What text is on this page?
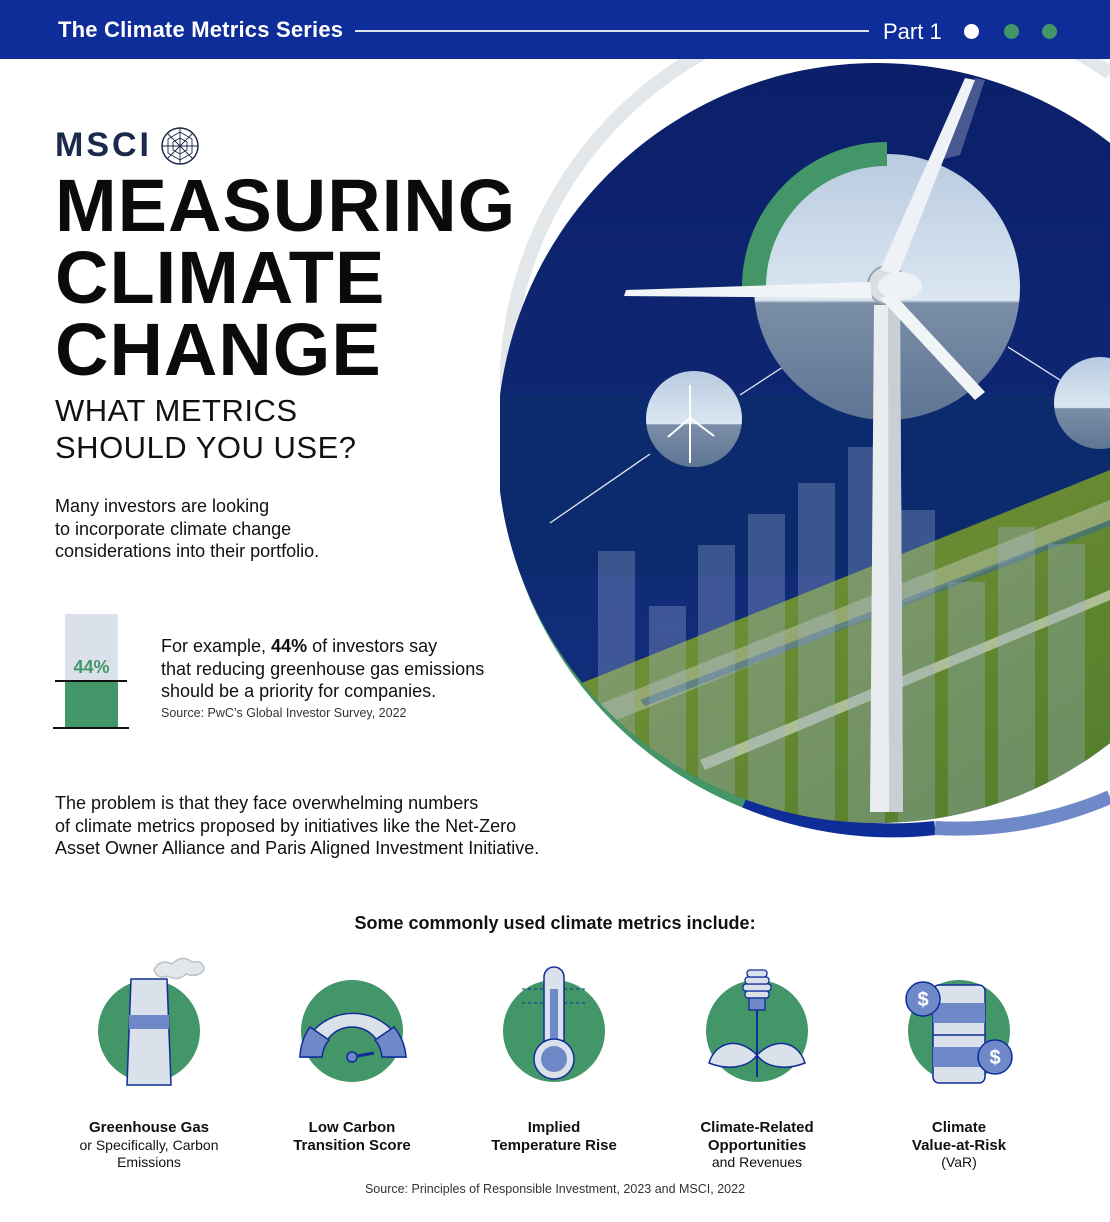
The Climate Metrics Series	Part 1
MSCI
MEASURING
CLIMATE
CHANGE
WHAT METRICS
SHOULD YOU USE?
Many investors are looking
to incorporate climate change
considerations into their portfolio.
44%
For example, 44% of investors say
that reducing greenhouse gas emissions
should be a priority for companies.
Source: PwC’s Global Investor Survey, 2022
The problem is that they face overwhelming numbers
of climate metrics proposed by initiatives like the Net-Zero
Asset Owner Alliance and Paris Aligned Investment Initiative.
Some commonly used climate metrics include:
Greenhouse Gas
or Specifically, Carbon
Emissions
Low Carbon
Transition Score
Implied
Temperature Rise
Climate-Related
Opportunities
and Revenues
$
$
Climate
Value-at-Risk
(VaR)
Source: Principles of Responsible Investment, 2023 and MSCI, 2022
